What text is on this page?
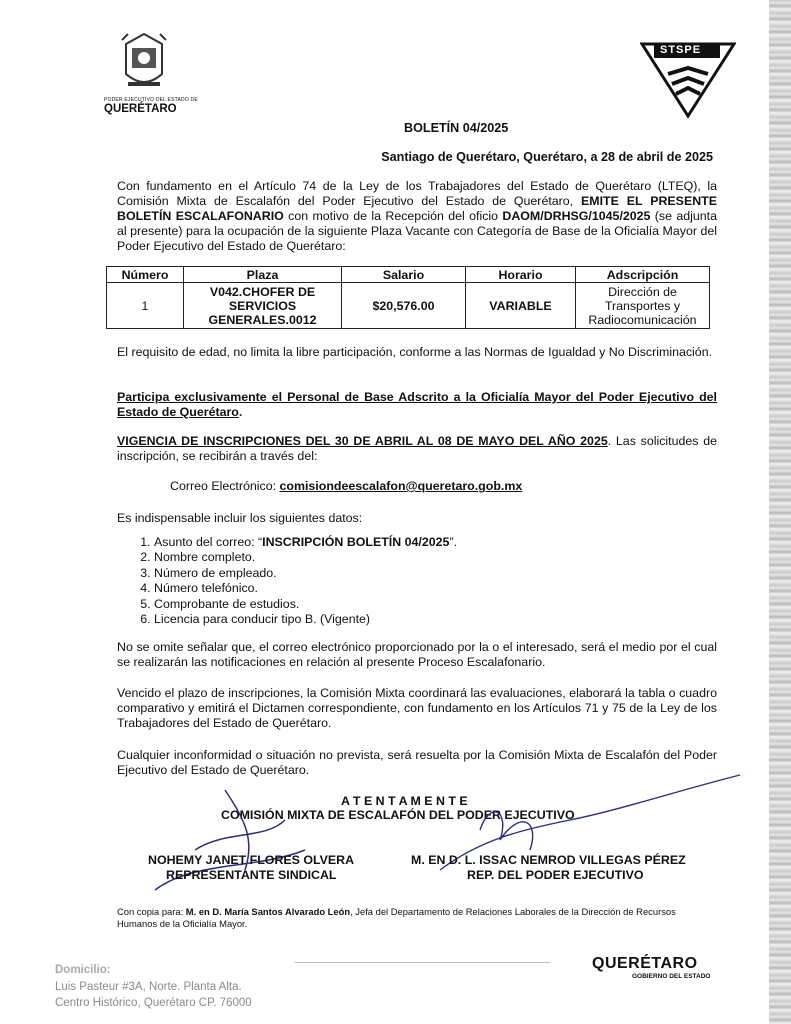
PODER EJECUTIVO DEL ESTADO DE
QUERÉTARO
STSPE
BOLETÍN 04/2025
Santiago de Querétaro, Querétaro, a 28 de abril de 2025

Con fundamento en el Artículo 74 de la Ley de los Trabajadores del Estado de Querétaro (LTEQ), la Comisión Mixta de Escalafón del Poder Ejecutivo del Estado de Querétaro, EMITE EL PRESENTE BOLETÍN ESCALAFONARIO con motivo de la Recepción del oficio DAOM/DRHSG/1045/2025 (se adjunta al presente) para la ocupación de la siguiente Plaza Vacante con Categoría de Base de la Oficialía Mayor del Poder Ejecutivo del Estado de Querétaro:

Número	Plaza	Salario	Horario	Adscripción
1	V042.CHOFER DE SERVICIOS GENERALES.0012	$20,576.00	VARIABLE	Dirección de Transportes y Radiocomunicación

El requisito de edad, no limita la libre participación, conforme a las Normas de Igualdad y No Discriminación.

Participa exclusivamente el Personal de Base Adscrito a la Oficialía Mayor del Poder Ejecutivo del Estado de Querétaro.

VIGENCIA DE INSCRIPCIONES DEL 30 DE ABRIL AL 08 DE MAYO DEL AÑO 2025. Las solicitudes de inscripción, se recibirán a través del:

Correo Electrónico: comisiondeescalafon@queretaro.gob.mx
Es indispensable incluir los siguientes datos:
1. Asunto del correo: “INSCRIPCIÓN BOLETÍN 04/2025”.
2. Nombre completo.
3. Número de empleado.
4. Número telefónico.
5. Comprobante de estudios.
6. Licencia para conducir tipo B. (Vigente)

No se omite señalar que, el correo electrónico proporcionado por la o el interesado, será el medio por el cual se realizarán las notificaciones en relación al presente Proceso Escalafonario.

Vencido el plazo de inscripciones, la Comisión Mixta coordinará las evaluaciones, elaborará la tabla o cuadro comparativo y emitirá el Dictamen correspondiente, con fundamento en los Artículos 71 y 75 de la Ley de los Trabajadores del Estado de Querétaro.

Cualquier inconformidad o situación no prevista, será resuelta por la Comisión Mixta de Escalafón del Poder Ejecutivo del Estado de Querétaro.

A T E N T A M E N T E
COMISIÓN MIXTA DE ESCALAFÓN DEL PODER EJECUTIVO
NOHEMY JANET FLORES OLVERA
REPRESENTANTE SINDICAL
M. EN D. L. ISSAC NEMROD VILLEGAS PÉREZ
REP. DEL PODER EJECUTIVO

Con copia para: M. en D. María Santos Alvarado León, Jefa del Departamento de Relaciones Laborales de la Dirección de Recursos Humanos de la Oficialía Mayor.

Domicilio:
Luis Pasteur #3A, Norte. Planta Alta.
Centro Histórico, Querétaro CP. 76000
QUERÉTARO
GOBIERNO DEL ESTADO
